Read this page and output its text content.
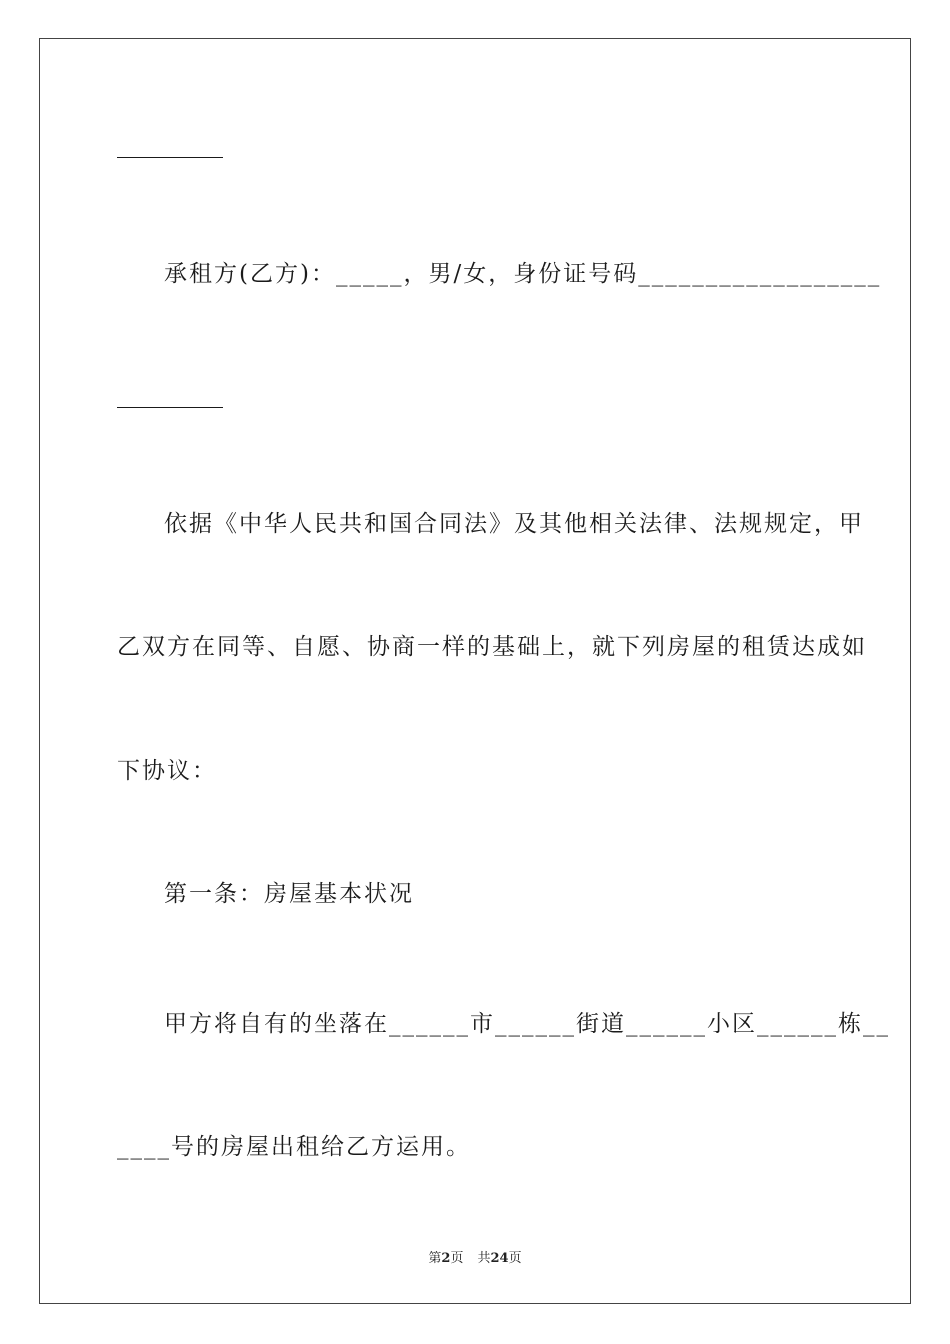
承租方(乙方)：_____，男/女，身份证号码__________________
依据《中华人民共和国合同法》及其他相关法律、法规规定，甲
乙双方在同等、自愿、协商一样的基础上，就下列房屋的租赁达成如
下协议：
第一条：房屋基本状况
甲方将自有的坐落在______市______街道______小区______栋__
____号的房屋出租给乙方运用。
第2页 共24页
